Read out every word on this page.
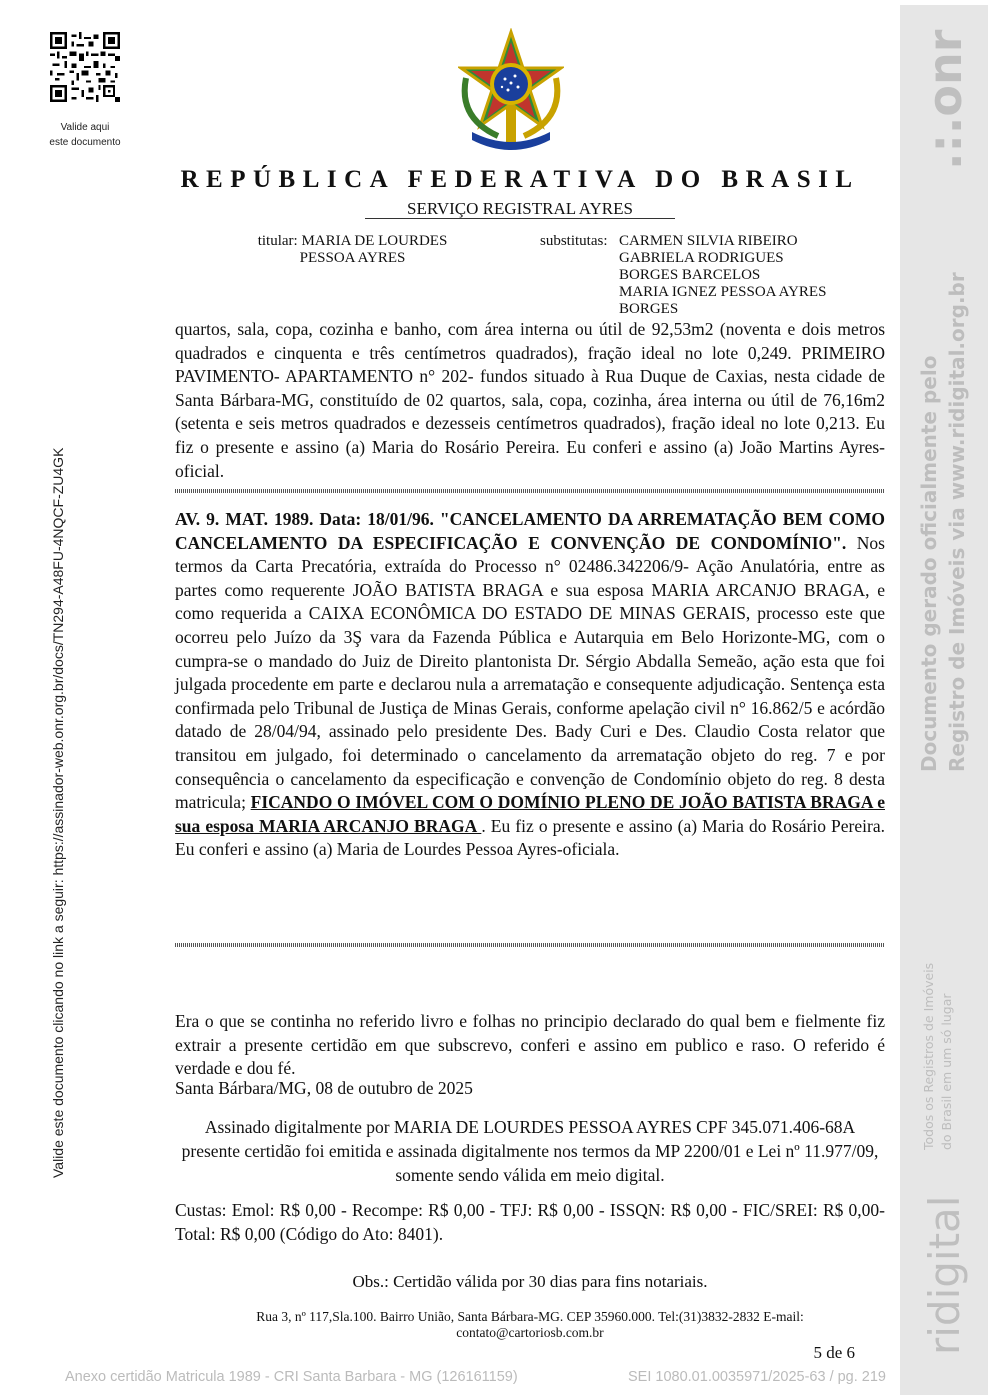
Valide aqui
este documento
Valide este documento clicando no link a seguir: https://assinador-web.onr.org.br/docs/TN294-A48FU-4NQCF-ZU4GK
.:.onr
Documento gerado oficialmente pelo Registro de Imóveis via www.ridigital.org.br
Todos os Registros de Imóveis do Brasil em um só lugar
ridigital
REPÚBLICA FEDERATIVA DO BRASIL
SERVIÇO REGISTRAL AYRES
titular: MARIA DE LOURDES
PESSOA AYRES
substitutas: CARMEN SILVIA RIBEIRO
GABRIELA RODRIGUES
BORGES BARCELOS
MARIA IGNEZ PESSOA AYRES
BORGES
quartos, sala, copa, cozinha e banho, com área interna ou útil de 92,53m2 (noventa e dois metros quadrados e cinquenta e três centímetros quadrados), fração ideal no lote 0,249. PRIMEIRO PAVIMENTO- APARTAMENTO n° 202- fundos situado à Rua Duque de Caxias, nesta cidade de Santa Bárbara-MG, constituído de 02 quartos, sala, copa, cozinha, área interna ou útil de 76,16m2 (setenta e seis metros quadrados e dezesseis centímetros quadrados), fração ideal no lote 0,213. Eu fiz o presente e assino (a) Maria do Rosário Pereira. Eu conferi e assino (a) João Martins Ayres-oficial.
AV. 9. MAT. 1989. Data: 18/01/96. "CANCELAMENTO DA ARREMATAÇÃO BEM COMO CANCELAMENTO DA ESPECIFICAÇÃO E CONVENÇÃO DE CONDOMÍNIO". Nos termos da Carta Precatória, extraída do Processo n° 02486.342206/9- Ação Anulatória, entre as partes como requerente JOÃO BATISTA BRAGA e sua esposa MARIA ARCANJO BRAGA, e como requerida a CAIXA ECONÔMICA DO ESTADO DE MINAS GERAIS, processo este que ocorreu pelo Juízo da 3Ş vara da Fazenda Pública e Autarquia em Belo Horizonte-MG, com o cumpra-se o mandado do Juiz de Direito plantonista Dr. Sérgio Abdalla Semeão, ação esta que foi julgada procedente em parte e declarou nula a arrematação e consequente adjudicação. Sentença esta confirmada pelo Tribunal de Justiça de Minas Gerais, conforme apelação civil n° 16.862/5 e acórdão datado de 28/04/94, assinado pelo presidente Des. Bady Curi e Des. Claudio Costa relator que transitou em julgado, foi determinado o cancelamento da arrematação objeto do reg. 7 e por consequência o cancelamento da especificação e convenção de Condomínio objeto do reg. 8 desta matricula; FICANDO O IMÓVEL COM O DOMÍNIO PLENO DE JOÃO BATISTA BRAGA e sua esposa MARIA ARCANJO BRAGA . Eu fiz o presente e assino (a) Maria do Rosário Pereira. Eu conferi e assino (a) Maria de Lourdes Pessoa Ayres-oficiala.
Era o que se continha no referido livro e folhas no principio declarado do qual bem e fielmente fiz extrair a presente certidão em que subscrevo, conferi e assino em publico e raso. O referido é verdade e dou fé.
Santa Bárbara/MG, 08 de outubro de 2025
Assinado digitalmente por MARIA DE LOURDES PESSOA AYRES CPF 345.071.406-68A presente certidão foi emitida e assinada digitalmente nos termos da MP 2200/01 e Lei nº 11.977/09, somente sendo válida em meio digital.
Custas: Emol: R$ 0,00 - Recompe: R$ 0,00 - TFJ: R$ 0,00 - ISSQN: R$ 0,00 - FIC/SREI: R$ 0,00- Total: R$ 0,00 (Código do Ato: 8401).
Obs.: Certidão válida por 30 dias para fins notariais.
Rua 3, nº 117,Sla.100. Bairro União, Santa Bárbara-MG. CEP 35960.000. Tel:(31)3832-2832 E-mail:
contato@cartoriosb.com.br
5 de 6
Anexo certidão Matricula 1989 - CRI Santa Barbara - MG (126161159)	SEI 1080.01.0035971/2025-63 / pg. 219
